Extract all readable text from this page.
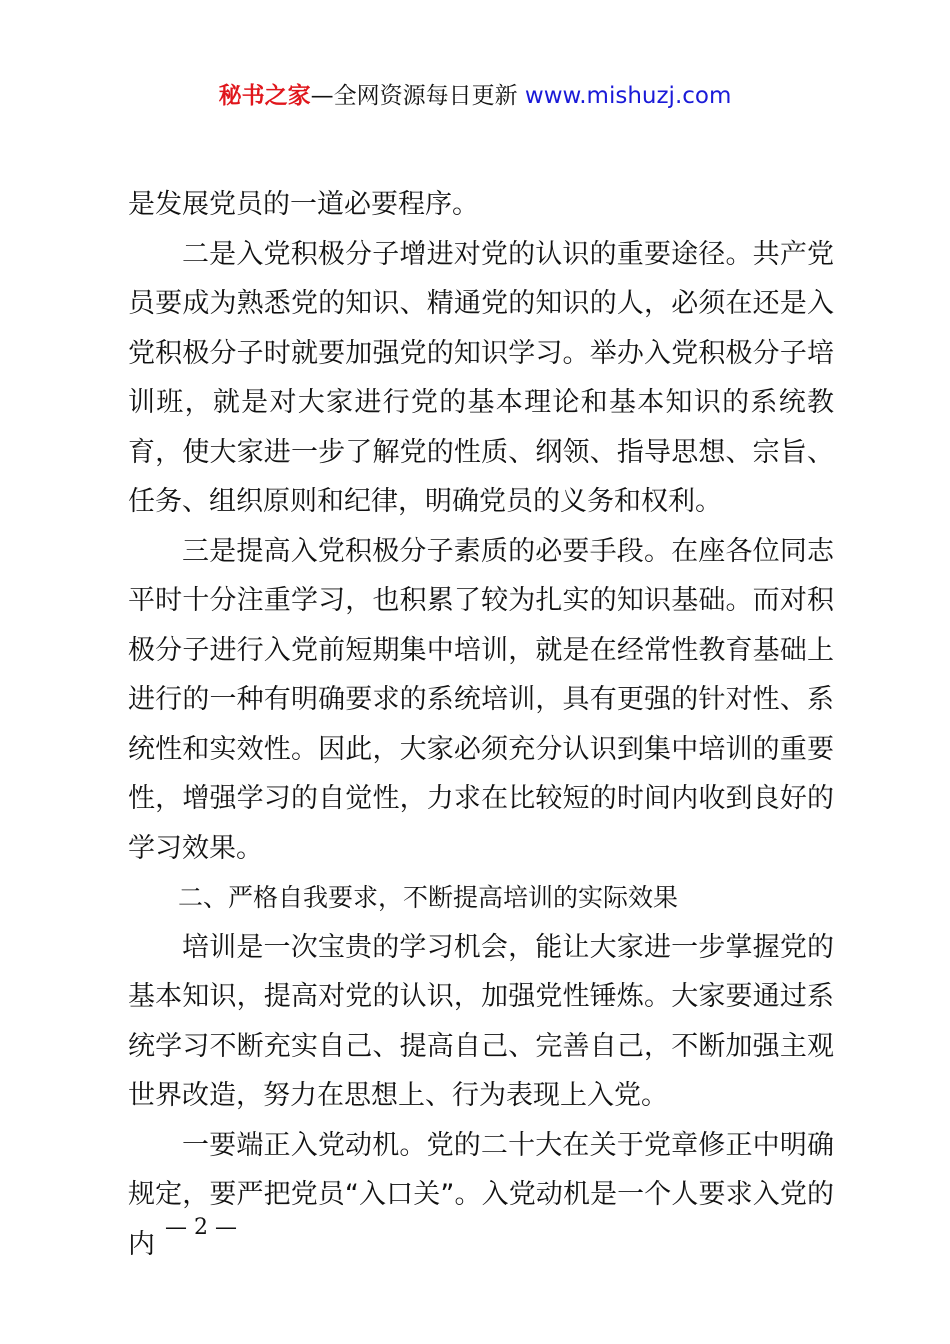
秘书之家—全网资源每日更新 www.mishuzj.com

是发展党员的一道必要程序。

二是入党积极分子增进对党的认识的重要途径。共产党员要成为熟悉党的知识、精通党的知识的人，必须在还是入党积极分子时就要加强党的知识学习。举办入党积极分子培训班，就是对大家进行党的基本理论和基本知识的系统教育，使大家进一步了解党的性质、纲领、指导思想、宗旨、任务、组织原则和纪律，明确党员的义务和权利。

三是提高入党积极分子素质的必要手段。在座各位同志平时十分注重学习，也积累了较为扎实的知识基础。而对积极分子进行入党前短期集中培训，就是在经常性教育基础上进行的一种有明确要求的系统培训，具有更强的针对性、系统性和实效性。因此，大家必须充分认识到集中培训的重要性，增强学习的自觉性，力求在比较短的时间内收到良好的学习效果。

二、严格自我要求，不断提高培训的实际效果

培训是一次宝贵的学习机会，能让大家进一步掌握党的基本知识，提高对党的认识，加强党性锤炼。大家要通过系统学习不断充实自己、提高自己、完善自己，不断加强主观世界改造，努力在思想上、行为表现上入党。

一要端正入党动机。党的二十大在关于党章修正中明确规定，要严把党员“入口关”。入党动机是一个人要求入党的内

— 2 —
